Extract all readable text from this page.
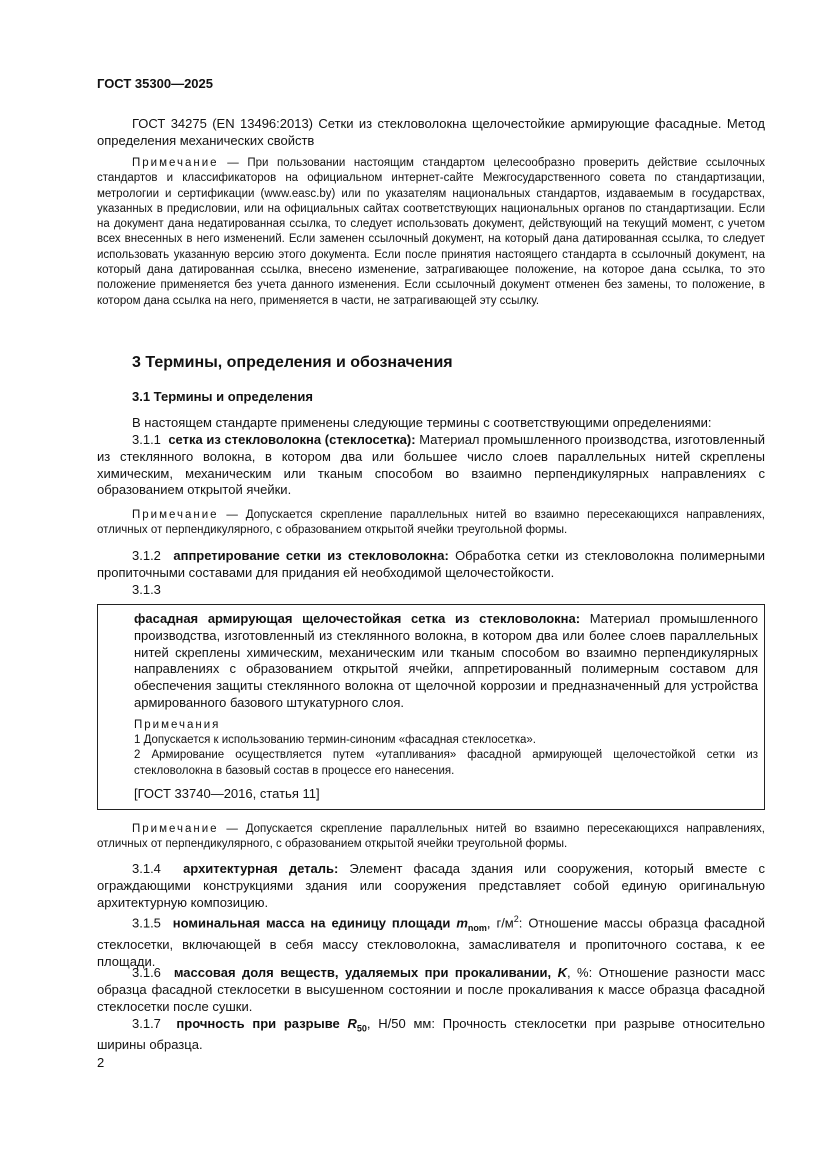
ГОСТ 35300—2025

ГОСТ 34275 (EN 13496:2013) Сетки из стекловолокна щелочестойкие армирующие фасадные. Метод определения механических свойств

Примечание — При пользовании настоящим стандартом целесообразно проверить действие ссылочных стандартов и классификаторов на официальном интернет-сайте Межгосударственного совета по стандартизации, метрологии и сертификации (www.easc.by) или по указателям национальных стандартов, издаваемым в государствах, указанных в предисловии, или на официальных сайтах соответствующих национальных органов по стандартизации. Если на документ дана недатированная ссылка, то следует использовать документ, действующий на текущий момент, с учетом всех внесенных в него изменений. Если заменен ссылочный документ, на который дана датированная ссылка, то следует использовать указанную версию этого документа. Если после принятия настоящего стандарта в ссылочный документ, на который дана датированная ссылка, внесено изменение, затрагивающее положение, на которое дана ссылка, то это положение применяется без учета данного изменения. Если ссылочный документ отменен без замены, то положение, в котором дана ссылка на него, применяется в части, не затрагивающей эту ссылку.

3 Термины, определения и обозначения

3.1 Термины и определения

В настоящем стандарте применены следующие термины с соответствующими определениями:

3.1.1 сетка из стекловолокна (стеклосетка): Материал промышленного производства, изготовленный из стеклянного волокна, в котором два или большее число слоев параллельных нитей скреплены химическим, механическим или тканым способом во взаимно перпендикулярных направлениях с образованием открытой ячейки.

Примечание — Допускается скрепление параллельных нитей во взаимно пересекающихся направлениях, отличных от перпендикулярного, с образованием открытой ячейки треугольной формы.

3.1.2 аппретирование сетки из стекловолокна: Обработка сетки из стекловолокна полимерными пропиточными составами для придания ей необходимой щелочестойкости.

3.1.3

фасадная армирующая щелочестойкая сетка из стекловолокна: Материал промышленного производства, изготовленный из стеклянного волокна, в котором два или более слоев параллельных нитей скреплены химическим, механическим или тканым способом во взаимно перпендикулярных направлениях с образованием открытой ячейки, аппретированный полимерным составом для обеспечения защиты стеклянного волокна от щелочной коррозии и предназначенный для устройства армированного базового штукатурного слоя.

Примечания

1 Допускается к использованию термин-синоним «фасадная стеклосетка».

2 Армирование осуществляется путем «утапливания» фасадной армирующей щелочестойкой сетки из стекловолокна в базовый состав в процессе его нанесения.

[ГОСТ 33740—2016, статья 11]

Примечание — Допускается скрепление параллельных нитей во взаимно пересекающихся направлениях, отличных от перпендикулярного, с образованием открытой ячейки треугольной формы.

3.1.4 архитектурная деталь: Элемент фасада здания или сооружения, который вместе с ограждающими конструкциями здания или сооружения представляет собой единую оригинальную архитектурную композицию.

3.1.5 номинальная масса на единицу площади $m_{nom}$, $г/м^2$: Отношение массы образца фасадной стеклосетки, включающей в себя массу стекловолокна, замасливателя и пропиточного состава, к ее площади.

3.1.6 массовая доля веществ, удаляемых при прокаливании, K, %: Отношение разности масс образца фасадной стеклосетки в высушенном состоянии и после прокаливания к массе образца фасадной стеклосетки после сушки.

3.1.7 прочность при разрыве $R_{50}$, Н/50 мм: Прочность стеклосетки при разрыве относительно ширины образца.

2
